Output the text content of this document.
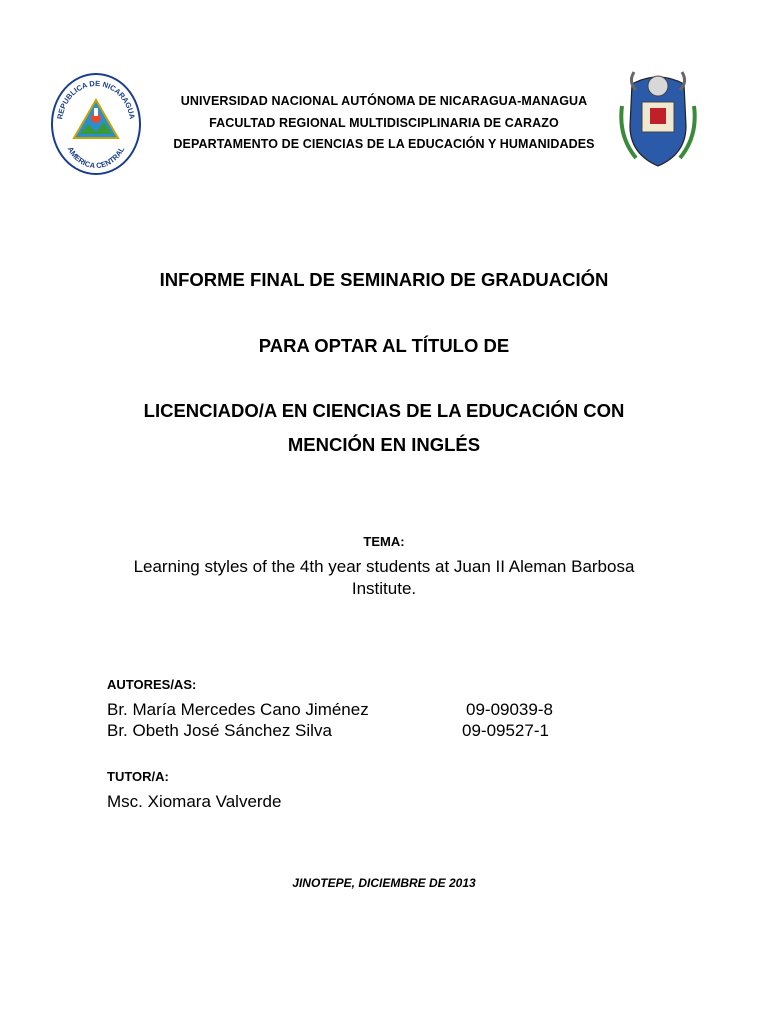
REPUBLICA DE NICARAGUA
AMERICA CENTRAL
UNIVERSIDAD NACIONAL AUTÓNOMA DE NICARAGUA-MANAGUA
FACULTAD REGIONAL MULTIDISCIPLINARIA DE CARAZO
DEPARTAMENTO DE CIENCIAS DE LA EDUCACIÓN Y HUMANIDADES
INFORME FINAL DE SEMINARIO DE GRADUACIÓN
PARA OPTAR AL TÍTULO DE
LICENCIADO/A EN CIENCIAS DE LA EDUCACIÓN CON
MENCIÓN EN INGLÉS
TEMA:
Learning styles of the 4th year students at Juan II Aleman Barbosa
Institute.
AUTORES/AS:
Br. María Mercedes Cano Jiménez	09-09039-8
Br. Obeth José Sánchez Silva	09-09527-1
TUTOR/A:
Msc. Xiomara Valverde
JINOTEPE, DICIEMBRE DE 2013
